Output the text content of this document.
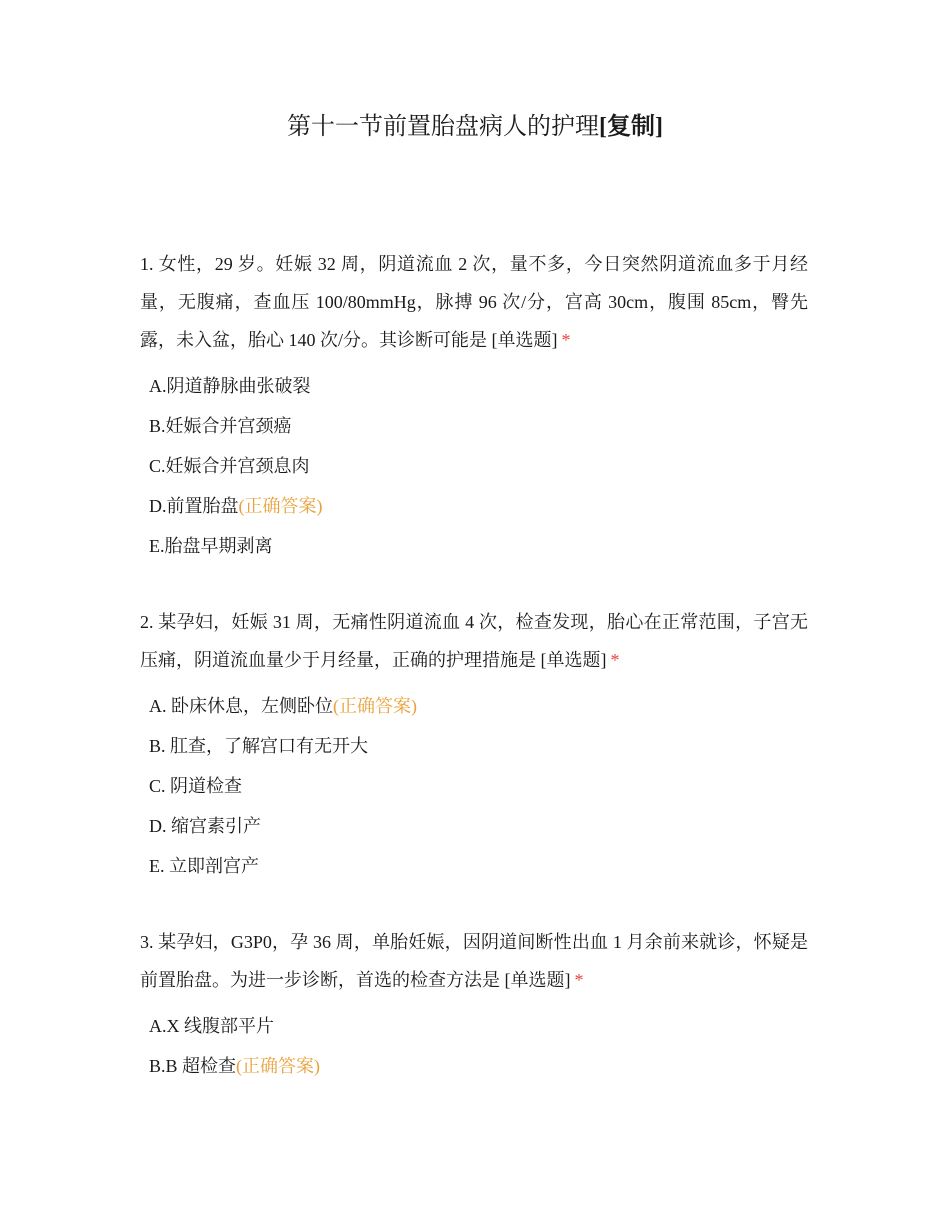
第十一节前置胎盘病人的护理[复制]

1. 女性，29 岁。妊娠 32 周，阴道流血 2 次，量不多，今日突然阴道流血多于月经量，无腹痛，查血压 100/80mmHg，脉搏 96 次/分，宫高 30cm，腹围 85cm，臀先露，未入盆，胎心 140 次/分。其诊断可能是 [单选题] *

A.阴道静脉曲张破裂
B.妊娠合并宫颈癌
C.妊娠合并宫颈息肉
D.前置胎盘(正确答案)
E.胎盘早期剥离

2. 某孕妇，妊娠 31 周，无痛性阴道流血 4 次，检查发现，胎心在正常范围，子宫无压痛，阴道流血量少于月经量，正确的护理措施是 [单选题] *

A. 卧床休息，左侧卧位(正确答案)
B. 肛查，了解宫口有无开大
C. 阴道检查
D. 缩宫素引产
E. 立即剖宫产

3. 某孕妇，G3P0，孕 36 周，单胎妊娠，因阴道间断性出血 1 月余前来就诊，怀疑是前置胎盘。为进一步诊断，首选的检查方法是 [单选题] *

A.X 线腹部平片
B.B 超检查(正确答案)
